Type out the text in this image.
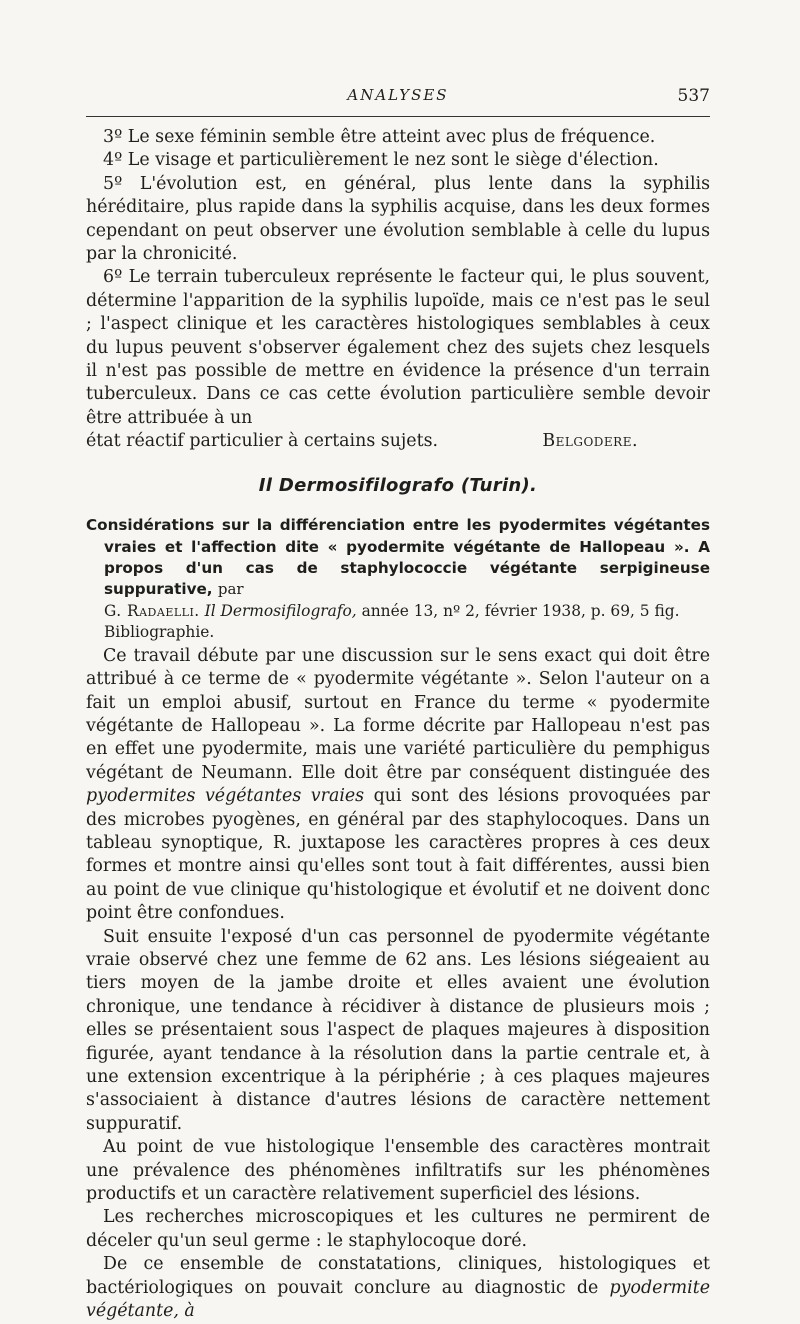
ANALYSES	537

3º Le sexe féminin semble être atteint avec plus de fréquence.

4º Le visage et particulièrement le nez sont le siège d'élection.

5º L'évolution est, en général, plus lente dans la syphilis héréditaire, plus rapide dans la syphilis acquise, dans les deux formes cependant on peut observer une évolution semblable à celle du lupus par la chronicité.

6º Le terrain tuberculeux représente le facteur qui, le plus souvent, détermine l'apparition de la syphilis lupoïde, mais ce n'est pas le seul ; l'aspect clinique et les caractères histologiques semblables à ceux du lupus peuvent s'observer également chez des sujets chez lesquels il n'est pas possible de mettre en évidence la présence d'un terrain tuberculeux. Dans ce cas cette évolution particulière semble devoir être attribuée à un

état réactif particulier à certains sujets.	Belgodere.

Il Dermosifilografo (Turin).
Considérations sur la différenciation entre les pyodermites végétantes vraies et l'affection dite « pyodermite végétante de Hallopeau ». A propos d'un cas de staphylococcie végétante serpigineuse suppurative, par
G. Radaelli. Il Dermosifilografo, année 13, nº 2, février 1938, p. 69, 5 fig. Bibliographie.

Ce travail débute par une discussion sur le sens exact qui doit être attribué à ce terme de « pyodermite végétante ». Selon l'auteur on a fait un emploi abusif, surtout en France du terme « pyodermite végétante de Hallopeau ». La forme décrite par Hallopeau n'est pas en effet une pyodermite, mais une variété particulière du pemphigus végétant de Neumann. Elle doit être par conséquent distinguée des pyodermites végétantes vraies qui sont des lésions provoquées par des microbes pyogènes, en général par des staphylocoques. Dans un tableau synoptique, R. juxtapose les caractères propres à ces deux formes et montre ainsi qu'elles sont tout à fait différentes, aussi bien au point de vue clinique qu'histologique et évolutif et ne doivent donc point être confondues.

Suit ensuite l'exposé d'un cas personnel de pyodermite végétante vraie observé chez une femme de 62 ans. Les lésions siégeaient au tiers moyen de la jambe droite et elles avaient une évolution chronique, une tendance à récidiver à distance de plusieurs mois ; elles se présentaient sous l'aspect de plaques majeures à disposition figurée, ayant tendance à la résolution dans la partie centrale et, à une extension excentrique à la périphérie ; à ces plaques majeures s'associaient à distance d'autres lésions de caractère nettement suppuratif.

Au point de vue histologique l'ensemble des caractères montrait une prévalence des phénomènes infiltratifs sur les phénomènes productifs et un caractère relativement superficiel des lésions.

Les recherches microscopiques et les cultures ne permirent de déceler qu'un seul germe : le staphylocoque doré.

De ce ensemble de constatations, cliniques, histologiques et bactériologiques on pouvait conclure au diagnostic de pyodermite végétante, à
